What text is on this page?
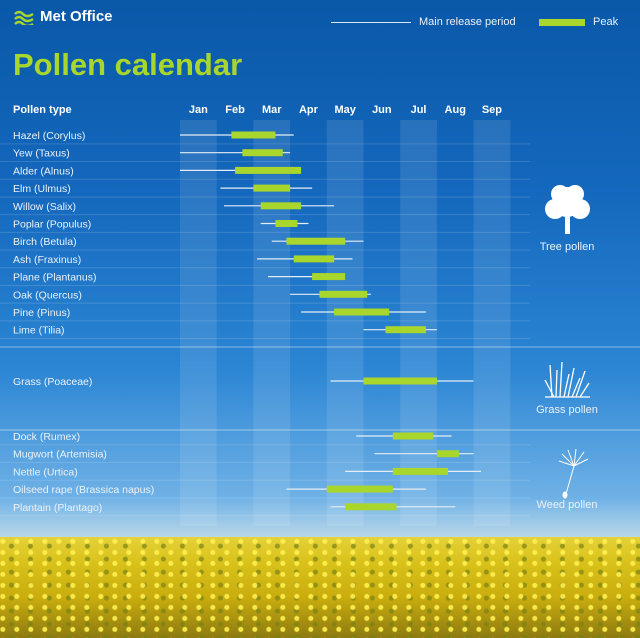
Met Office	Main release period	Peak
Pollen calendar
Pollen type	Jan Feb Mar Apr May Jun Jul Aug Sep
Hazel (Corylus)
Yew (Taxus)
Alder (Alnus)
Elm (Ulmus)
Willow (Salix)
Poplar (Populus)
Birch (Betula)
Ash (Fraxinus)
Plane (Plantanus)
Oak (Quercus)
Pine (Pinus)
Lime (Tilia)
Grass (Poaceae)
Dock (Rumex)
Mugwort (Artemisia)
Nettle (Urtica)
Oilseed rape (Brassica napus)
Plantain (Plantago)
Tree pollen
Grass pollen
Weed pollen
